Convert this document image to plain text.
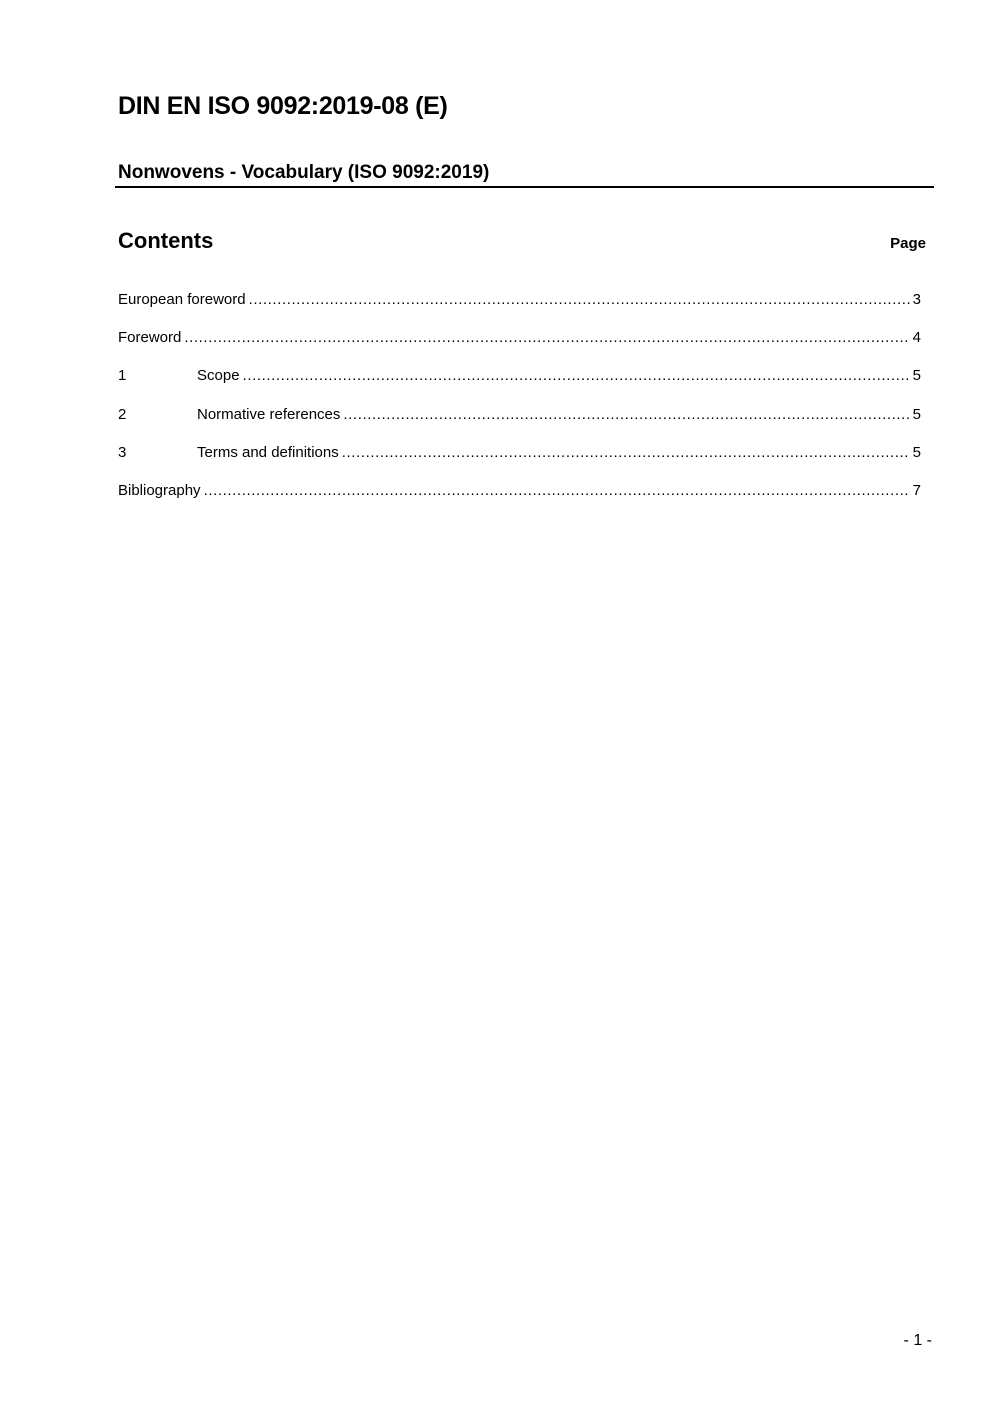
DIN EN ISO 9092:2019-08 (E)
Nonwovens - Vocabulary (ISO 9092:2019)
Contents	Page
European foreword .....	3
Foreword .....	4
1	Scope .....	5
2	Normative references .....	5
3	Terms and definitions .....	5
Bibliography .....	7
- 1 -
